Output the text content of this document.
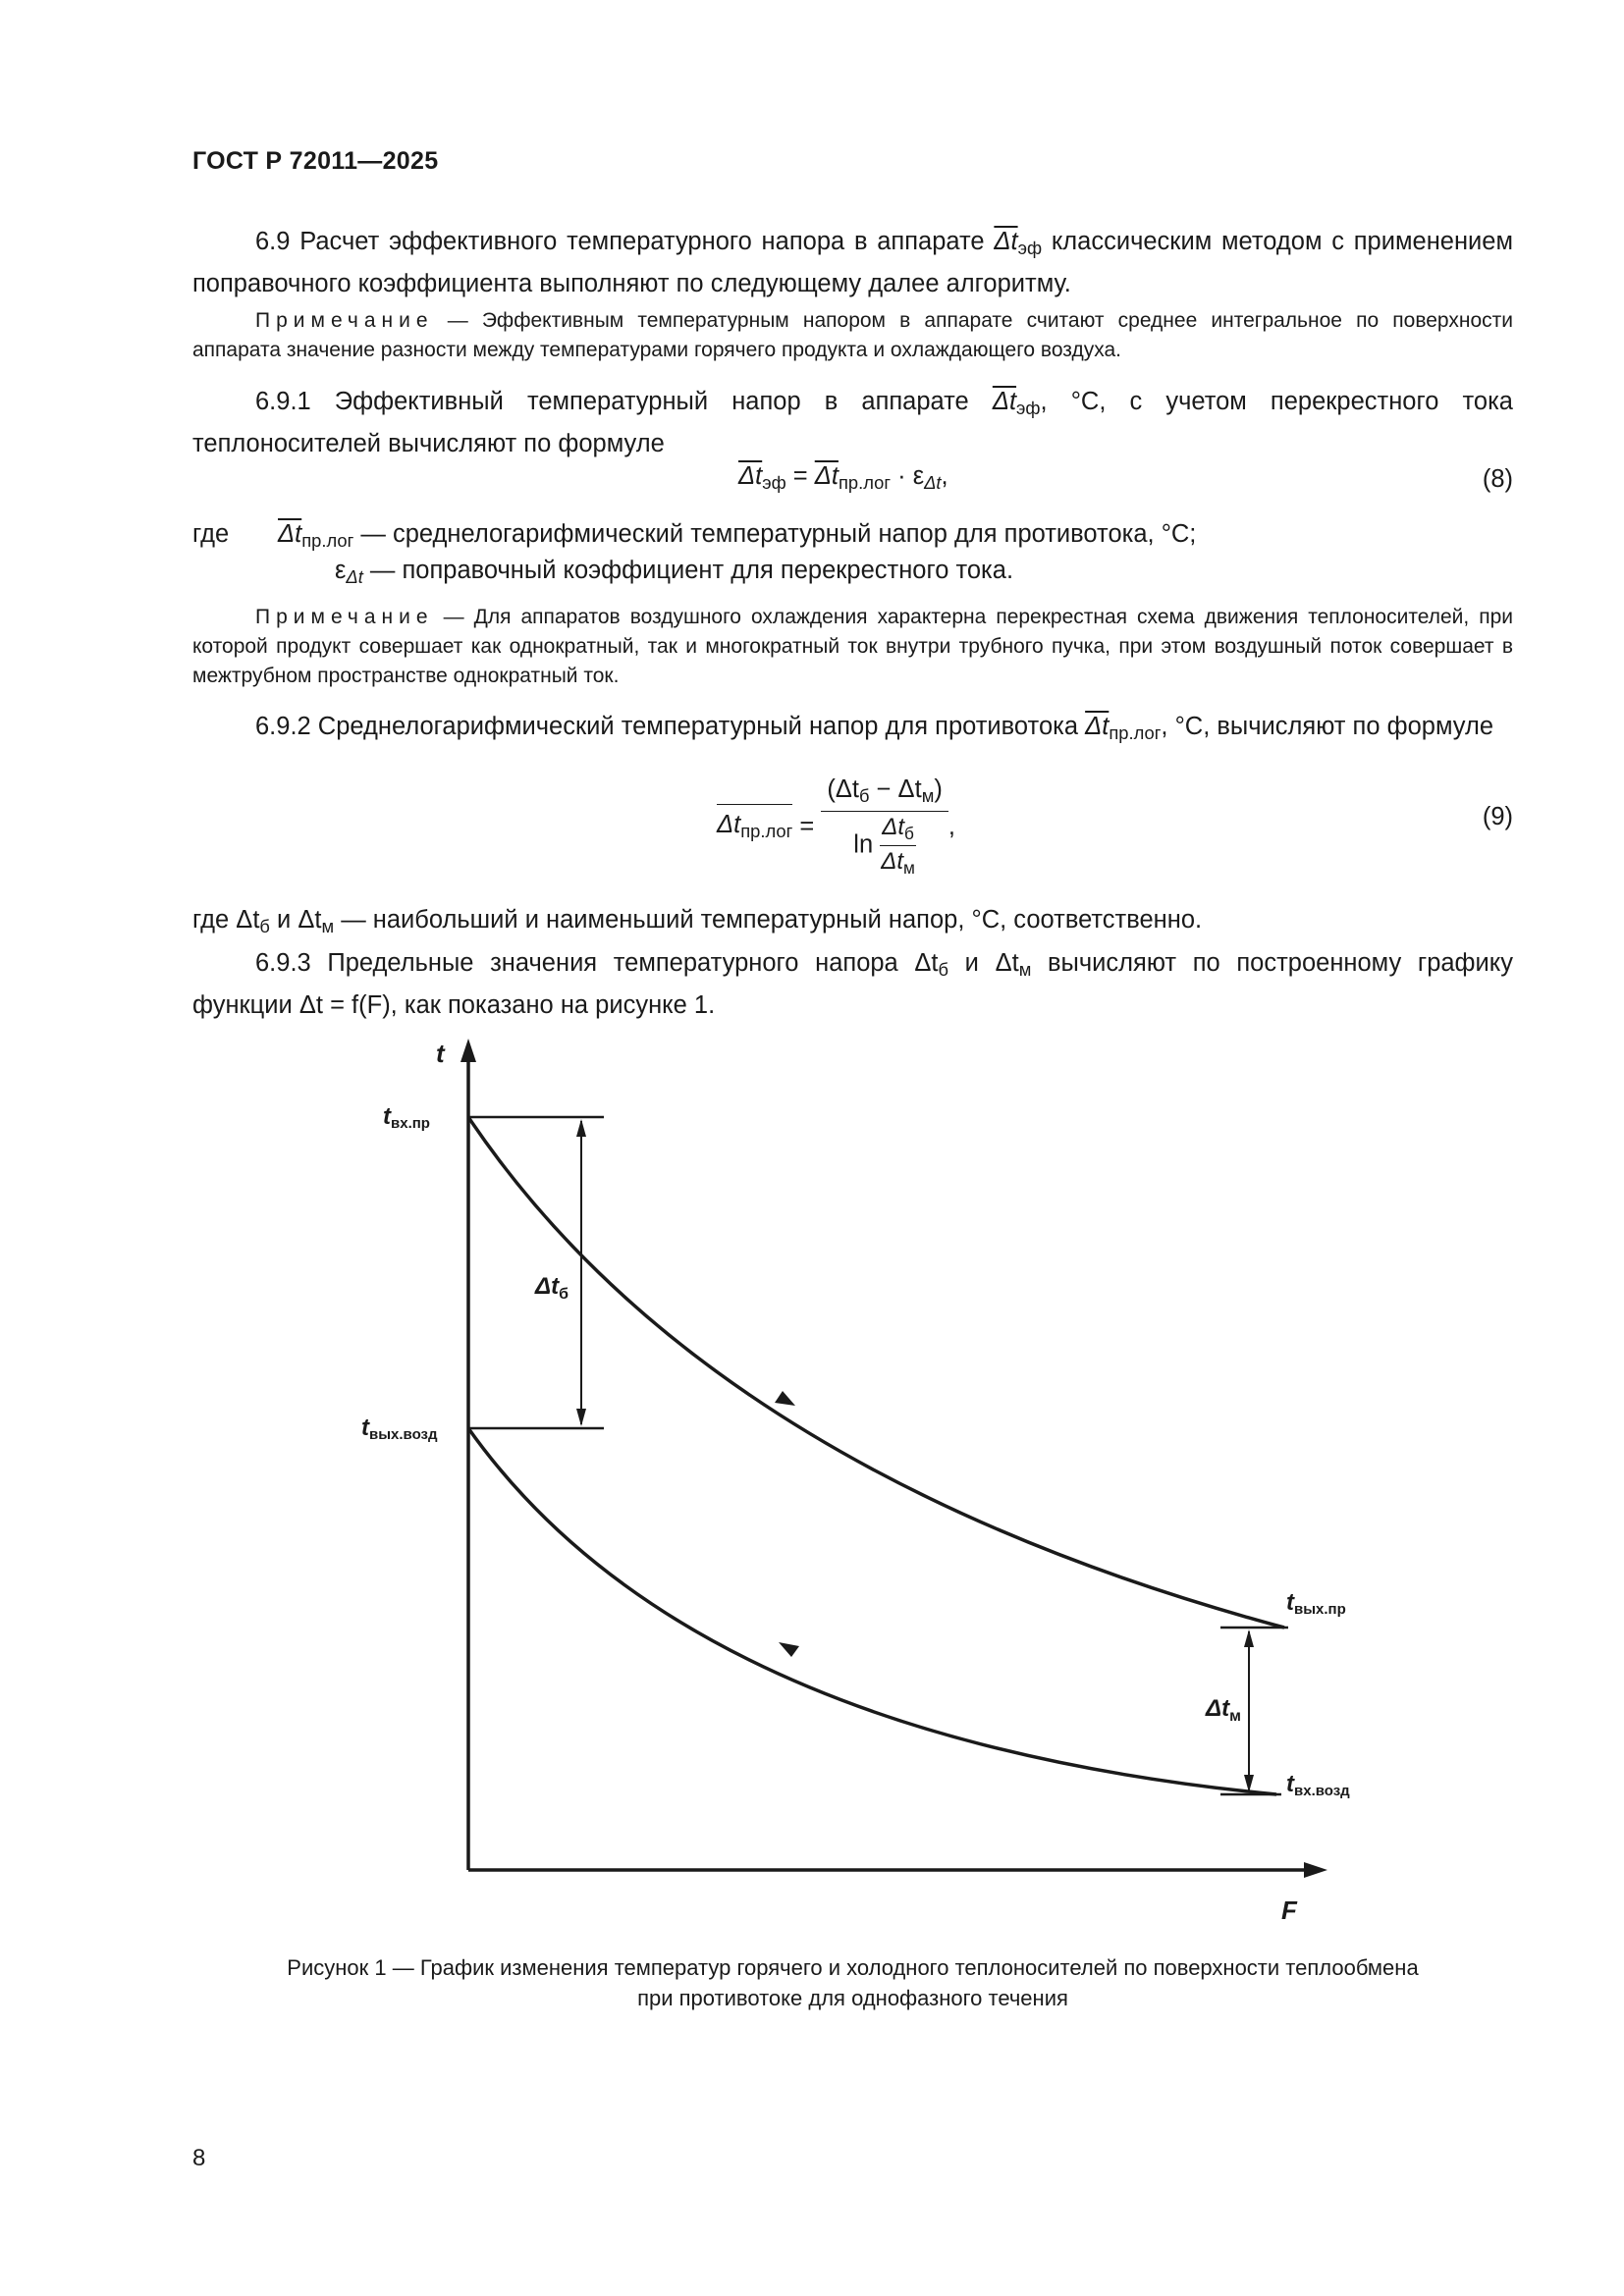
ГОСТ Р 72011—2025
6.9 Расчет эффективного температурного напора в аппарате $\overline{\Delta t}_{эф}$ классическим методом с применением поправочного коэффициента выполняют по следующему далее алгоритму.
Примечание — Эффективным температурным напором в аппарате считают среднее интегральное по поверхности аппарата значение разности между температурами горячего продукта и охлаждающего воздуха.
6.9.1 Эффективный температурный напор в аппарате $\overline{\Delta t}_{эф}$, °C, с учетом перекрестного тока теплоносителей вычисляют по формуле
$\overline{\Delta t}_{эф} = \overline{\Delta t}_{пр.лог} \cdot \varepsilon_{\Delta t}$,	(8)
где $\overline{\Delta t}_{пр.лог}$ — среднелогарифмический температурный напор для противотока, °C;
$\varepsilon_{\Delta t}$ — поправочный коэффициент для перекрестного тока.
Примечание — Для аппаратов воздушного охлаждения характерна перекрестная схема движения теплоносителей, при которой продукт совершает как однократный, так и многократный ток внутри трубного пучка, при этом воздушный поток совершает в межтрубном пространстве однократный ток.
6.9.2 Среднелогарифмический температурный напор для противотока $\overline{\Delta t}_{пр.лог}$, °C, вычисляют по формуле
$\Delta t_{пр.лог} = \frac{(\Delta t_б - \Delta t_м)}{\ln \frac{\Delta t_б}{\Delta t_м}}$ ,	(9)
где $\Delta t_б$ и $\Delta t_м$ — наибольший и наименьший температурный напор, °C, соответственно.
6.9.3 Предельные значения температурного напора $\Delta t_б$ и $\Delta t_м$ вычисляют по построенному графику функции Δt = f(F), как показано на рисунке 1.
t
F
tвх.пр
tвых.возд
tвых.пр
tвх.возд
$\Delta t_б$
$\Delta t_м$
Рисунок 1 — График изменения температур горячего и холодного теплоносителей по поверхности теплообмена
при противотоке для однофазного течения
8
